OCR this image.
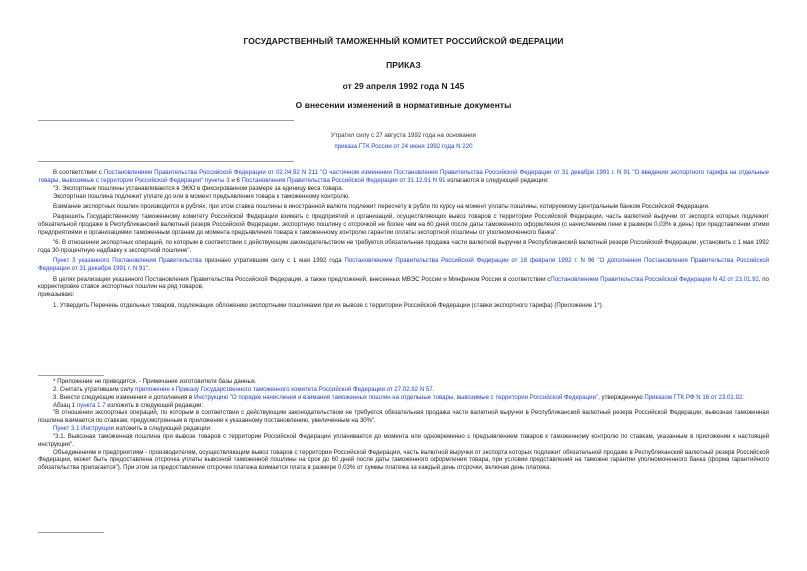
ГОСУДАРСТВЕННЫЙ ТАМОЖЕННЫЙ КОМИТЕТ РОССИЙСКОЙ ФЕДЕРАЦИИ
ПРИКАЗ
от 29 апреля 1992 года N 145
О внесении изменений в нормативные документы
Утратил силу с 27 августа 1992 года на основании
приказа ГТК России от 24 июня 1992 года N 220

В соответствии с Постановлением Правительства Российской Федерации от 02.04.92 N 211 "О частичном изменении Постановления Правительства Российской Федерации от 31 декабря 1991 г. N 91 "О введении экспортного тарифа на отдельные товары, вывозимые с территории Российской Федерации" пункты 3 и 6 Постановления Правительства Российской Федерации от 31.12.91 N 91 излагаются в следующей редакции:

"3. Экспортные пошлины устанавливаются в ЭКЮ в фиксированном размере за единицу веса товара.

Экспортная пошлина подлежит уплате до или в момент предъявления товара к таможенному контролю.

Взимание экспортных пошлин производится в рублях, при этом ставка пошлины в иностранной валюте подлежит пересчету в рубли по курсу на момент уплаты пошлины, котируемому Центральным банком Российской Федерации.

Разрешить Государственному таможенному комитету Российской Федерации взимать с предприятий и организаций, осуществляющих вывоз товаров с территории Российской Федерации, часть валютной выручки от экспорта которых подлежит обязательной продаже в Республиканский валютный резерв Российской Федерации, экспортную пошлину с отсрочкой не более чем на 60 дней после даты таможенного оформления (с начислением пени в размере 0,03% в день) при представлении этими предприятиями и организациями таможенным органам до момента предъявления товара к таможенному контролю гарантии оплаты экспортной пошлины от уполномоченного банка".

"6. В отношении экспортных операций, по которым в соответствии с действующим законодательством не требуется обязательная продажа части валютной выручки в Республиканский валютный резерв Российской Федерации, установить с 1 мая 1992 года 30-процентную надбавку к экспортной пошлине".

Пункт 3 указанного Постановления Правительства признано утратившим силу с 1 мая 1992 года Постановлением Правительства Российской Федерации от 18 февраля 1992 г. N 96 "О дополнении Постановления Правительства Российской Федерации от 31 декабря 1991 г. N 91".

В целях реализации указанного Постановления Правительства Российской Федерации, а также предложений, внесенных МВЭС России и Минфином России в соответствии сПостановлением Правительства Российской Федерации N 42 от 23.01.92, по корректировке ставок экспортных пошлин на ряд товаров,

приказываю:

1. Утвердить Перечень отдельных товаров, подлежащих обложению экспортными пошлинами при их вывозе с территории Российской Федерации (ставки экспортного тарифа) (Приложение 1*).

* Приложение не приводится. - Примечание изготовителя базы данных.

2. Считать утратившим силу приложение к Приказу Государственного таможенного комитета Российской Федерации от 27.02.92 N 57.

3. Внести следующие изменения и дополнения в Инструкцию "О порядке начисления и взимания таможенных пошлин на отдельные товары, вывозимые с территории Российской Федерации", утвержденную Приказом ГТК РФ N 16 от 23.01.92:

Абзац 1 пункта 1.7 изложить в следующей редакции:

"В отношении экспортных операций, по которым в соответствии с действующим законодательством не требуется обязательная продажа части валютной выручки в Республиканский валютный резерв Российской Федерации, вывозная таможенная пошлина взимается по ставкам, предусмотренным в приложении к указанному постановлению, увеличенным на 30%".

Пункт 3.1 Инструкции изложить в следующей редакции:

"3.1. Вывозная таможенная пошлина при вывозе товаров с территории Российской Федерации уплачивается до момента или одновременно с предъявлением товаров к таможенному контролю по ставкам, указанным в приложении к настоящей инструкции".

Объединениям и предприятиям - производителям, осуществляющим вывоз товаров с территории Российской Федерации, часть валютной выручки от экспорта которых подлежит обязательной продаже в Республиканский валютный резерв Российской Федерации, может быть предоставлена отсрочка уплаты вывозной таможенной пошлины на срок до 60 дней после даты таможенного оформления товара, при условии представления на таможне гарантии уполномоченного банка (форма гарантийного обязательства прилагается"). При этом за предоставление отсрочки платежа взимается плата в размере 0,03% от суммы платежа за каждый день отсрочки, включая день платежа.
